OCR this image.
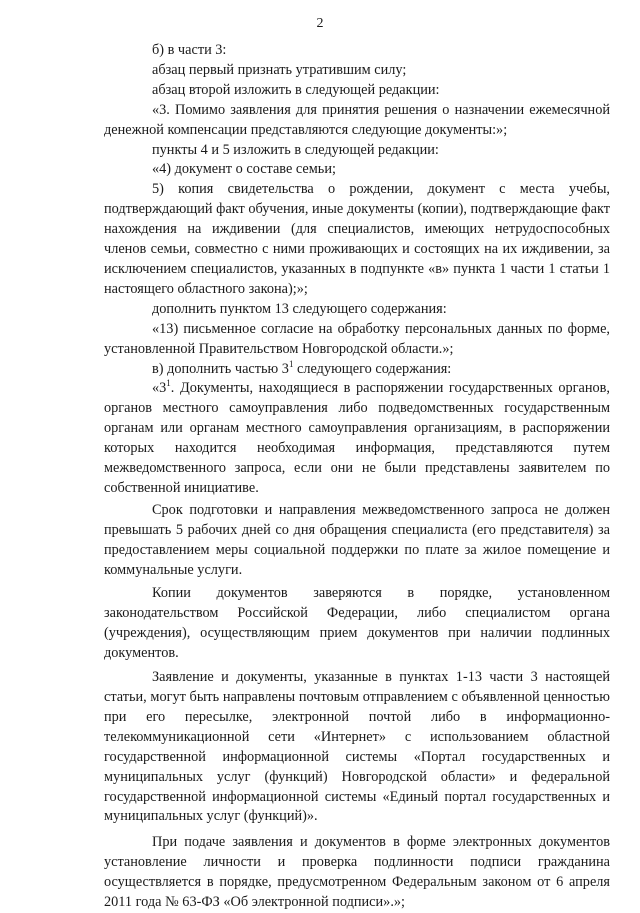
2

б) в части 3:

абзац первый признать утратившим силу;

абзац второй изложить в следующей редакции:

«3. Помимо заявления для принятия решения о назначении ежемесячной денежной компенсации представляются следующие документы:»;

пункты 4 и 5 изложить в следующей редакции:

«4) документ о составе семьи;

5) копия свидетельства о рождении, документ с места учебы, подтверждающий факт обучения, иные документы (копии), подтверждающие факт нахождения на иждивении (для специалистов, имеющих нетрудоспособных членов семьи, совместно с ними проживающих и состоящих на их иждивении, за исключением специалистов, указанных в подпункте «в» пункта 1 части 1 статьи 1 настоящего областного закона);»;

дополнить пунктом 13 следующего содержания:

«13) письменное согласие на обработку персональных данных по форме, установленной Правительством Новгородской области.»;

в) дополнить частью $3^1$ следующего содержания:

«$3^1$. Документы, находящиеся в распоряжении государственных органов, органов местного самоуправления либо подведомственных государственным органам или органам местного самоуправления организациям, в распоряжении которых находится необходимая информация, представляются путем межведомственного запроса, если они не были представлены заявителем по собственной инициативе.

Срок подготовки и направления межведомственного запроса не должен превышать 5 рабочих дней со дня обращения специалиста (его представителя) за предоставлением меры социальной поддержки по плате за жилое помещение и коммунальные услуги.

Копии документов заверяются в порядке, установленном законодательством Российской Федерации, либо специалистом органа (учреждения), осуществляющим прием документов при наличии подлинных документов.

Заявление и документы, указанные в пунктах 1-13 части 3 настоящей статьи, могут быть направлены почтовым отправлением с объявленной ценностью при его пересылке, электронной почтой либо в информационно-телекоммуникационной сети «Интернет» с использованием областной государственной информационной системы «Портал государственных и муниципальных услуг (функций) Новгородской области» и федеральной государственной информационной системы «Единый портал государственных и муниципальных услуг (функций)».

При подаче заявления и документов в форме электронных документов установление личности и проверка подлинности подписи гражданина осуществляется в порядке, предусмотренном Федеральным законом от 6 апреля 2011 года № 63-ФЗ «Об электронной подписи».»;
